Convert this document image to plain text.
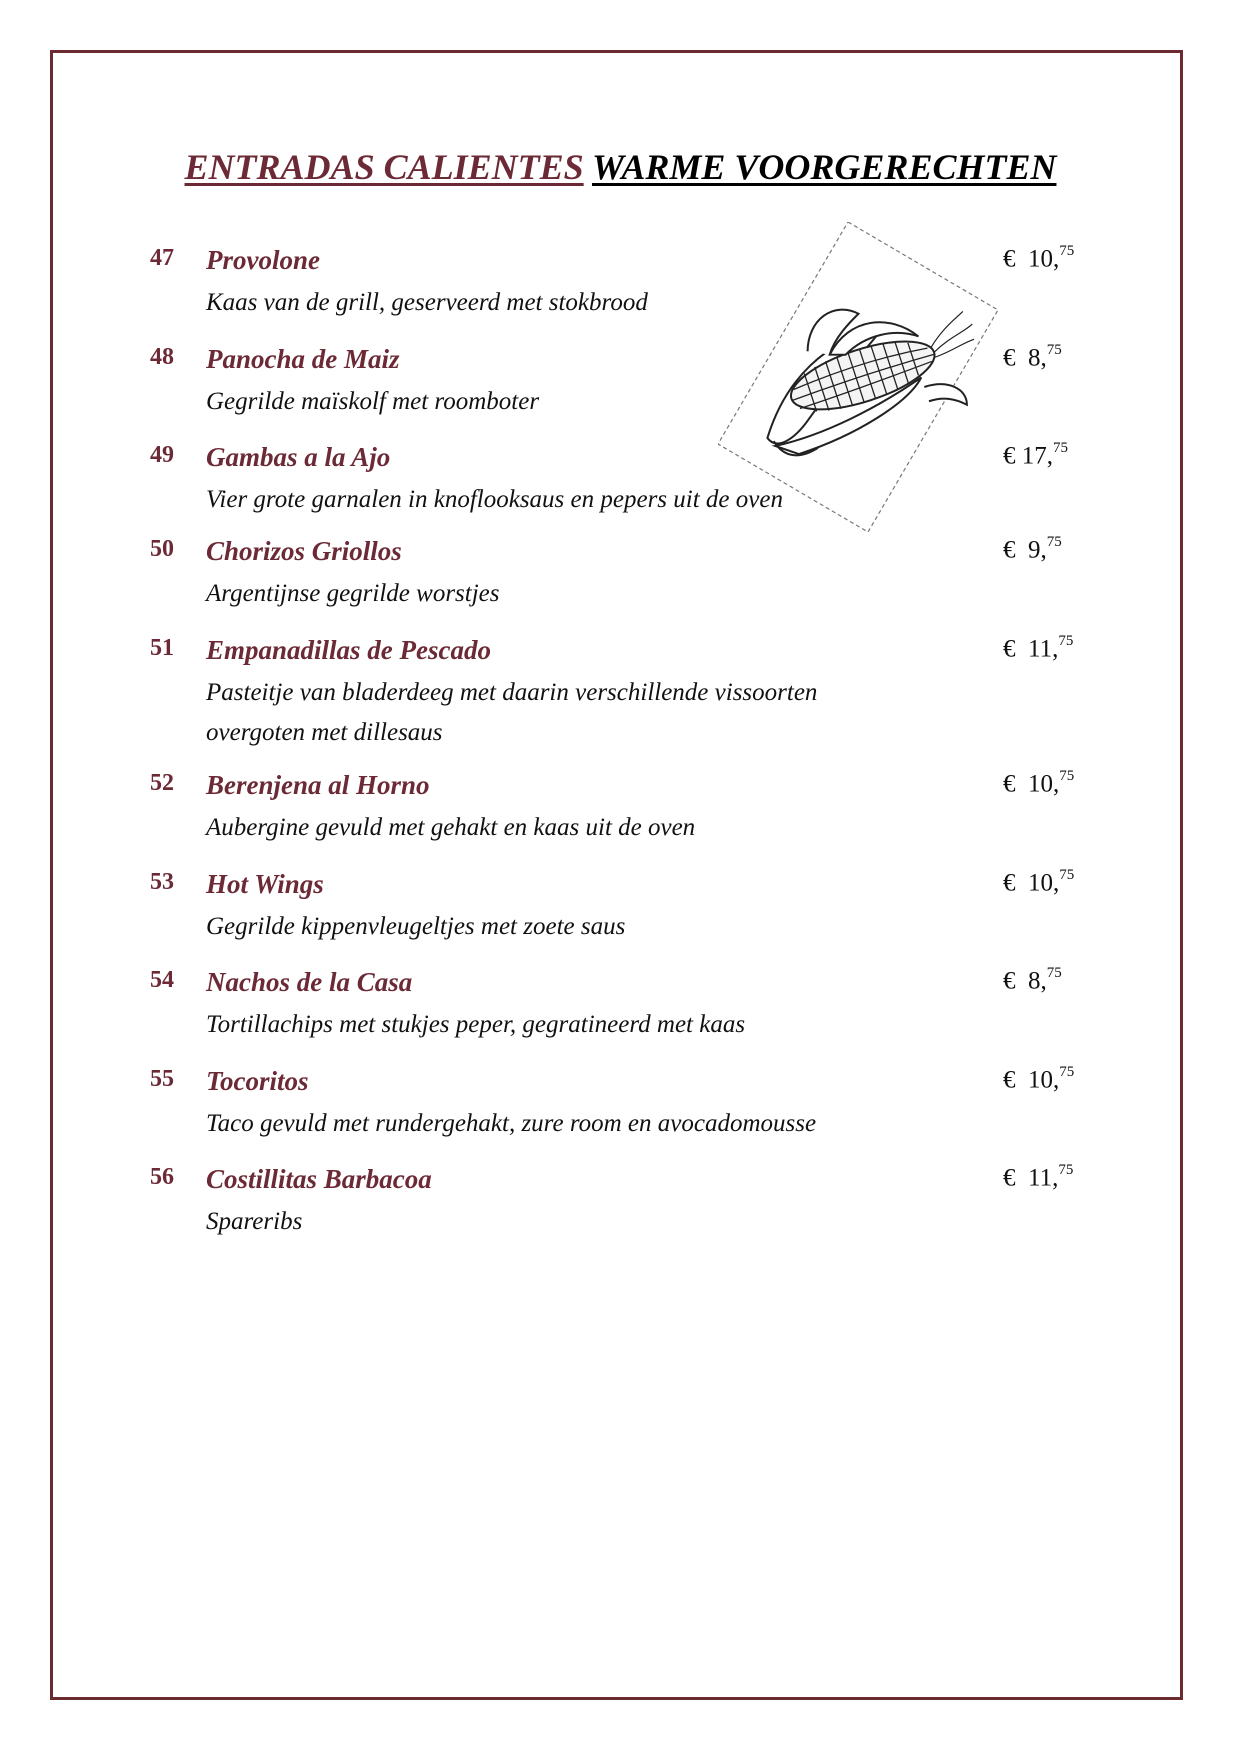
ENTRADAS CALIENTES WARME VOORGERECHTEN
47 Provolone
Kaas van de grill, geserveerd met stokbrood
€ 10,75
48 Panocha de Maiz
Gegrilde maïskolf met roomboter
€ 8,75
49 Gambas a la Ajo
Vier grote garnalen in knoflooksaus en pepers uit de oven
€ 17,75
50 Chorizos Griollos
Argentijnse gegrilde worstjes
€ 9,75
51 Empanadillas de Pescado
Pasteitje van bladerdeeg met daarin verschillende vissoorten
overgoten met dillesaus
€ 11,75
52 Berenjena al Horno
Aubergine gevuld met gehakt en kaas uit de oven
€ 10,75
53 Hot Wings
Gegrilde kippenvleugeltjes met zoete saus
€ 10,75
54 Nachos de la Casa
Tortillachips met stukjes peper, gegratineerd met kaas
€ 8,75
55 Tocoritos
Taco gevuld met rundergehakt, zure room en avocadomousse
€ 10,75
56 Costillitas Barbacoa
Spareribs
€ 11,75
